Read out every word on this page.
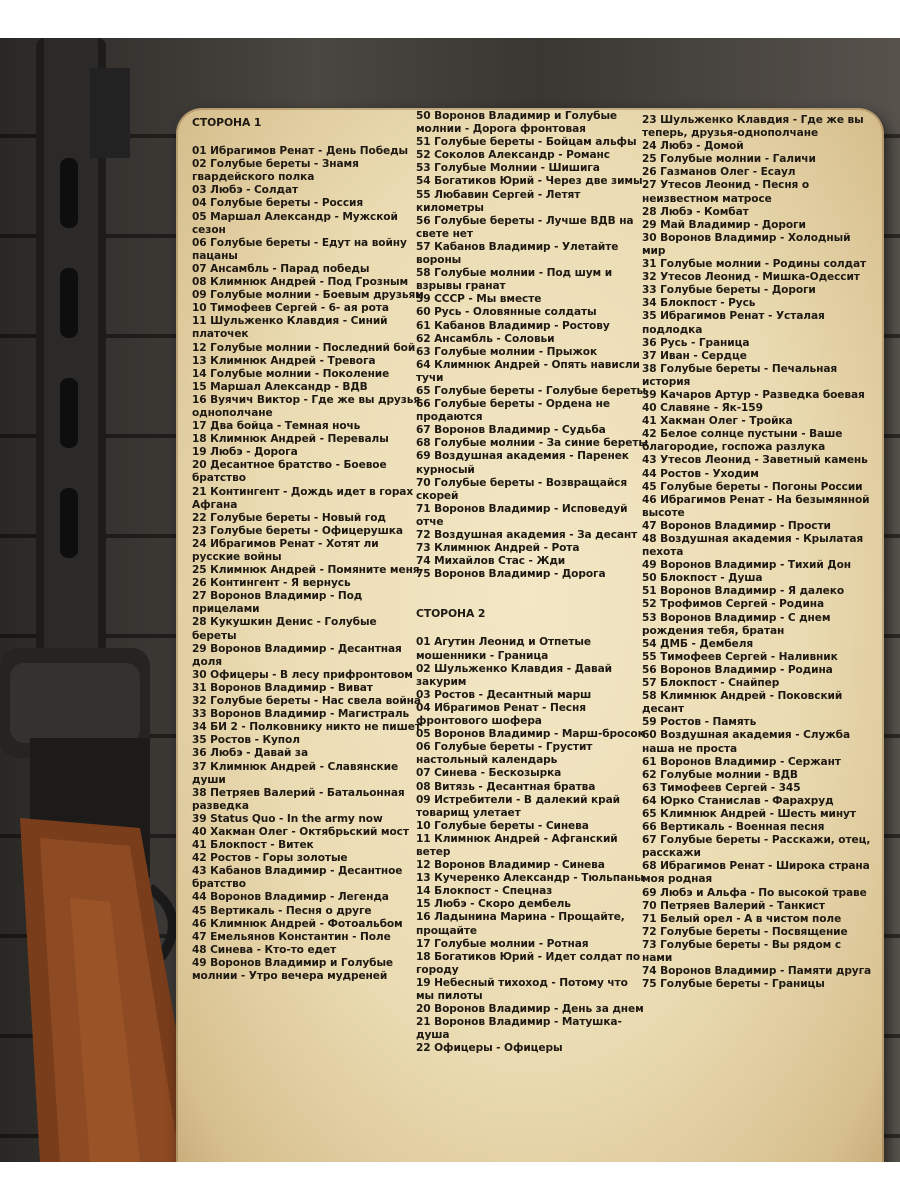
СТОРОНА 1
01 Ибрагимов Ренат - День Победы
02 Голубые береты - Знамя гвардейского полка
03 Любэ - Солдат
04 Голубые береты - Россия
05 Маршал Александр - Мужской сезон
06 Голубые береты - Едут на войну пацаны
07 Ансамбль - Парад победы
08 Климнюк Андрей - Под Грозным
09 Голубые молнии - Боевым друзьям
10 Тимофеев Сергей - 6- ая рота
11 Шульженко Клавдия - Синий платочек
12 Голубые молнии - Последний бой
13 Климнюк Андрей - Тревога
14 Голубые молнии - Поколение
15 Маршал Александр - ВДВ
16 Вуячич Виктор - Где же вы друзья однополчане
17 Два бойца - Темная ночь
18 Климнюк Андрей - Перевалы
19 Любэ - Дорога
20 Десантное братство - Боевое братство
21 Контингент - Дождь идет в горах Афгана
22 Голубые береты - Новый год
23 Голубые береты - Офицерушка
24 Ибрагимов Ренат - Хотят ли русские войны
25 Климнюк Андрей - Помяните меня
26 Контингент - Я вернусь
27 Воронов Владимир - Под прицелами
28 Кукушкин Денис - Голубые береты
29 Воронов Владимир - Десантная доля
30 Офицеры - В лесу прифронтовом
31 Воронов Владимир - Виват
32 Голубые береты - Нас свела война
33 Воронов Владимир - Магистраль
34 БИ 2 - Полковнику никто не пишет
35 Ростов - Купол
36 Любэ - Давай за
37 Климнюк Андрей - Славянские души
38 Петряев Валерий - Батальонная разведка
39 Status Quo - In the army now
40 Хакман Олег - Октябрьский мост
41 Блокпост - Витек
42 Ростов - Горы золотые
43 Кабанов Владимир - Десантное братство
44 Воронов Владимир - Легенда
45 Вертикаль - Песня о друге
46 Климнюк Андрей - Фотоальбом
47 Емельянов Константин - Поле
48 Синева - Кто-то едет
49 Воронов Владимир и Голубые молнии - Утро вечера мудреней
50 Воронов Владимир и Голубые молнии - Дорога фронтовая
51 Голубые береты - Бойцам альфы
52 Соколов Александр - Романс
53 Голубые Молнии - Шишига
54 Богатиков Юрий - Через две зимы
55 Любавин Сергей - Летят километры
56 Голубые береты - Лучше ВДВ на свете нет
57 Кабанов Владимир - Улетайте вороны
58 Голубые молнии - Под шум и взрывы гранат
59 СССР - Мы вместе
60 Русь - Оловянные солдаты
61 Кабанов Владимир - Ростову
62 Ансамбль - Соловьи
63 Голубые молнии - Прыжок
64 Климнюк Андрей - Опять нависли тучи
65 Голубые береты - Голубые береты
66 Голубые береты - Ордена не продаются
67 Воронов Владимир - Судьба
68 Голубые молнии - За синие береты
69 Воздушная академия - Паренек курносый
70 Голубые береты - Возвращайся скорей
71 Воронов Владимир - Исповедуй отче
72 Воздушная академия - За десант
73 Климнюк Андрей - Рота
74 Михайлов Стас - Жди
75 Воронов Владимир - Дорога
СТОРОНА 2
01 Агутин Леонид и Отпетые мошенники - Граница
02 Шульженко Клавдия - Давай закурим
03 Ростов - Десантный марш
04 Ибрагимов Ренат - Песня фронтового шофера
05 Воронов Владимир - Марш-бросок
06 Голубые береты - Грустит настольный календарь
07 Синева - Бескозырка
08 Витязь - Десантная братва
09 Истребители - В далекий край товарищ улетает
10 Голубые береты - Синева
11 Климнюк Андрей - Афганский ветер
12 Воронов Владимир - Синева
13 Кучеренко Александр - Тюльпаны
14 Блокпост - Спецназ
15 Любэ - Скоро дембель
16 Ладынина Марина - Прощайте, прощайте
17 Голубые молнии - Ротная
18 Богатиков Юрий - Идет солдат по городу
19 Небесный тихоход - Потому что мы пилоты
20 Воронов Владимир - День за днем
21 Воронов Владимир - Матушка-душа
22 Офицеры - Офицеры
23 Шульженко Клавдия - Где же вы теперь, друзья-однополчане
24 Любэ - Домой
25 Голубые молнии - Галичи
26 Газманов Олег - Есаул
27 Утесов Леонид - Песня о неизвестном матросе
28 Любэ - Комбат
29 Май Владимир - Дороги
30 Воронов Владимир - Холодный мир
31 Голубые молнии - Родины солдат
32 Утесов Леонид - Мишка-Одессит
33 Голубые береты - Дороги
34 Блокпост - Русь
35 Ибрагимов Ренат - Усталая подлодка
36 Русь - Граница
37 Иван - Сердце
38 Голубые береты - Печальная история
39 Качаров Артур - Разведка боевая
40 Славяне - Як-159
41 Хакман Олег - Тройка
42 Белое солнце пустыни - Ваше благородие, госпожа разлука
43 Утесов Леонид - Заветный камень
44 Ростов - Уходим
45 Голубые береты - Погоны России
46 Ибрагимов Ренат - На безымянной высоте
47 Воронов Владимир - Прости
48 Воздушная академия - Крылатая пехота
49 Воронов Владимир - Тихий Дон
50 Блокпост - Душа
51 Воронов Владимир - Я далеко
52 Трофимов Сергей - Родина
53 Воронов Владимир - С днем рождения тебя, братан
54 ДМБ - Дембеля
55 Тимофеев Сергей - Наливник
56 Воронов Владимир - Родина
57 Блокпост - Снайпер
58 Климнюк Андрей - Поковский десант
59 Ростов - Память
60 Воздушная академия - Служба наша не проста
61 Воронов Владимир - Сержант
62 Голубые молнии - ВДВ
63 Тимофеев Сергей - 345
64 Юрко Станислав - Фарахруд
65 Климнюк Андрей - Шесть минут
66 Вертикаль - Военная песня
67 Голубые береты - Расскажи, отец, расскажи
68 Ибрагимов Ренат - Широка страна моя родная
69 Любэ и Альфа - По высокой траве
70 Петряев Валерий - Танкист
71 Белый орел - А в чистом поле
72 Голубые береты - Посвящение
73 Голубые береты - Вы рядом с нами
74 Воронов Владимир - Памяти друга
75 Голубые береты - Границы
